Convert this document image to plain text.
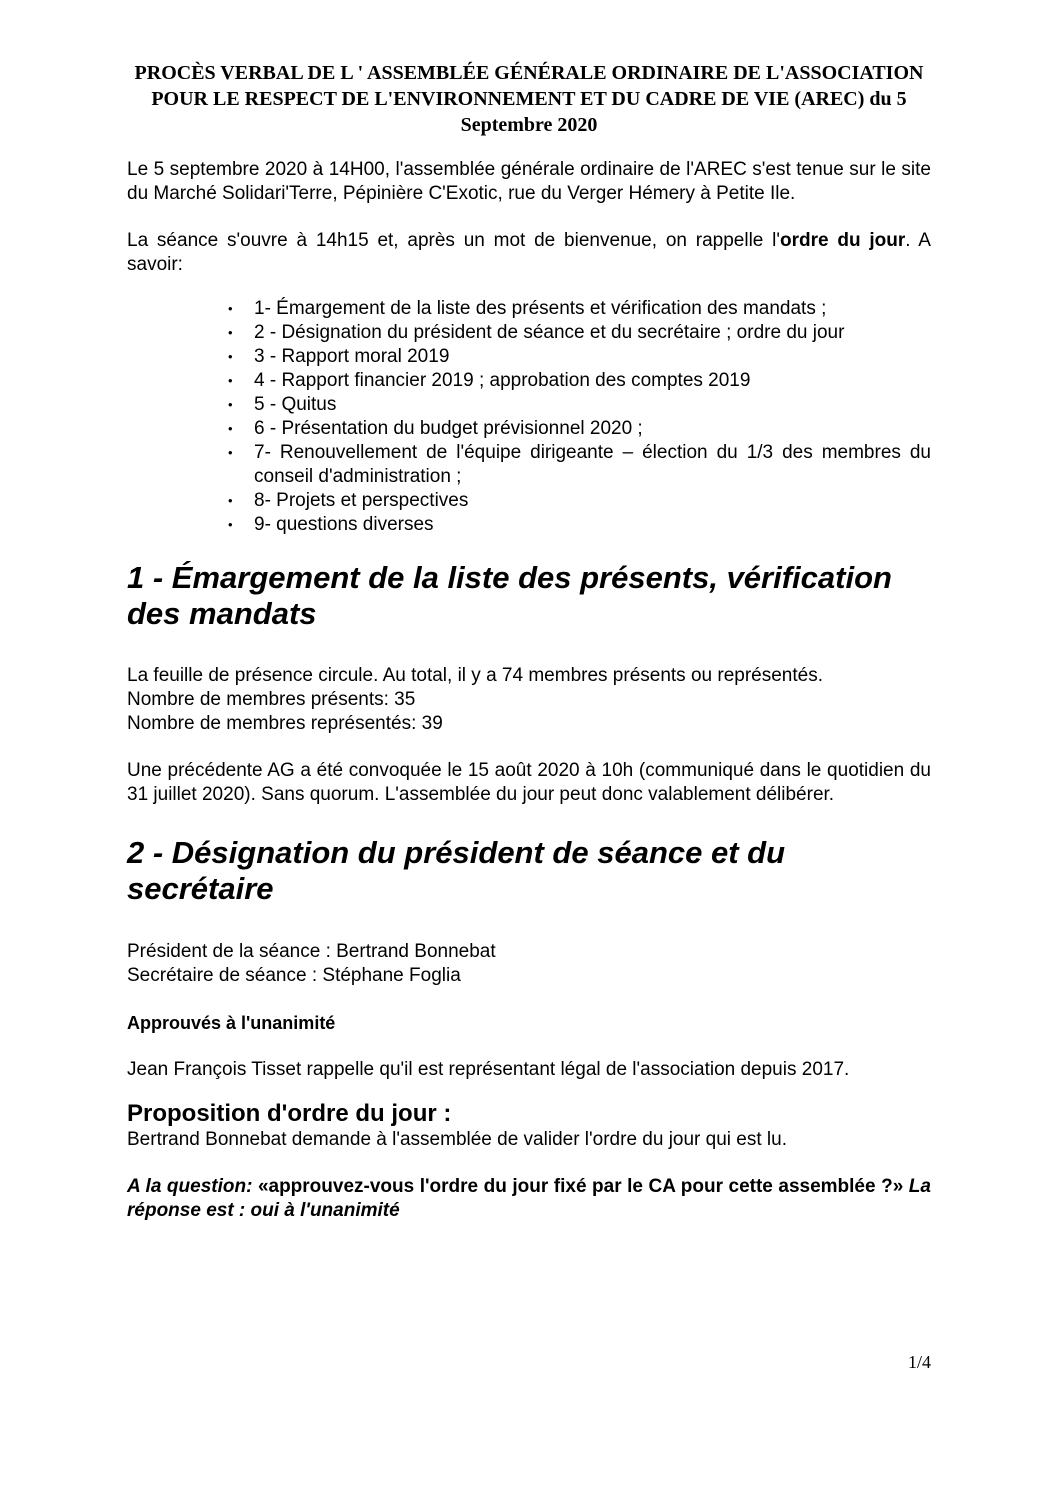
PROCÈS VERBAL DE L ' ASSEMBLÉE GÉNÉRALE ORDINAIRE DE L'ASSOCIATION POUR LE RESPECT DE L'ENVIRONNEMENT ET DU CADRE DE VIE (AREC) du 5 Septembre 2020

Le 5 septembre 2020 à 14H00, l'assemblée générale ordinaire de l'AREC s'est tenue sur le site du Marché Solidari'Terre, Pépinière C'Exotic, rue du Verger Hémery à Petite Ile.

La séance s'ouvre à 14h15 et, après un mot de bienvenue, on rappelle l'ordre du jour. A savoir:

• 1- Émargement de la liste des présents et vérification des mandats ;
• 2 - Désignation du président de séance et du secrétaire ; ordre du jour
• 3 - Rapport moral 2019
• 4 - Rapport financier 2019 ; approbation des comptes 2019
• 5 - Quitus
• 6 - Présentation du budget prévisionnel 2020 ;
• 7- Renouvellement de l'équipe dirigeante – élection du 1/3 des membres du conseil d'administration ;
• 8- Projets et perspectives
• 9- questions diverses
1 - Émargement de la liste des présents, vérification des mandats

La feuille de présence circule. Au total, il y a 74 membres présents ou représentés.

Nombre de membres présents: 35

Nombre de membres représentés: 39

Une précédente AG a été convoquée le 15 août 2020 à 10h (communiqué dans le quotidien du 31 juillet 2020). Sans quorum. L'assemblée du jour peut donc valablement délibérer.

2 - Désignation du président de séance et du secrétaire

Président de la séance : Bertrand Bonnebat

Secrétaire de séance : Stéphane Foglia

Approuvés à l'unanimité

Jean François Tisset rappelle qu'il est représentant légal de l'association depuis 2017.

Proposition d'ordre du jour :

Bertrand Bonnebat demande à l'assemblée de valider l'ordre du jour qui est lu.

A la question: «approuvez-vous l'ordre du jour fixé par le CA pour cette assemblée ?» La réponse est : oui à l'unanimité

1/4
